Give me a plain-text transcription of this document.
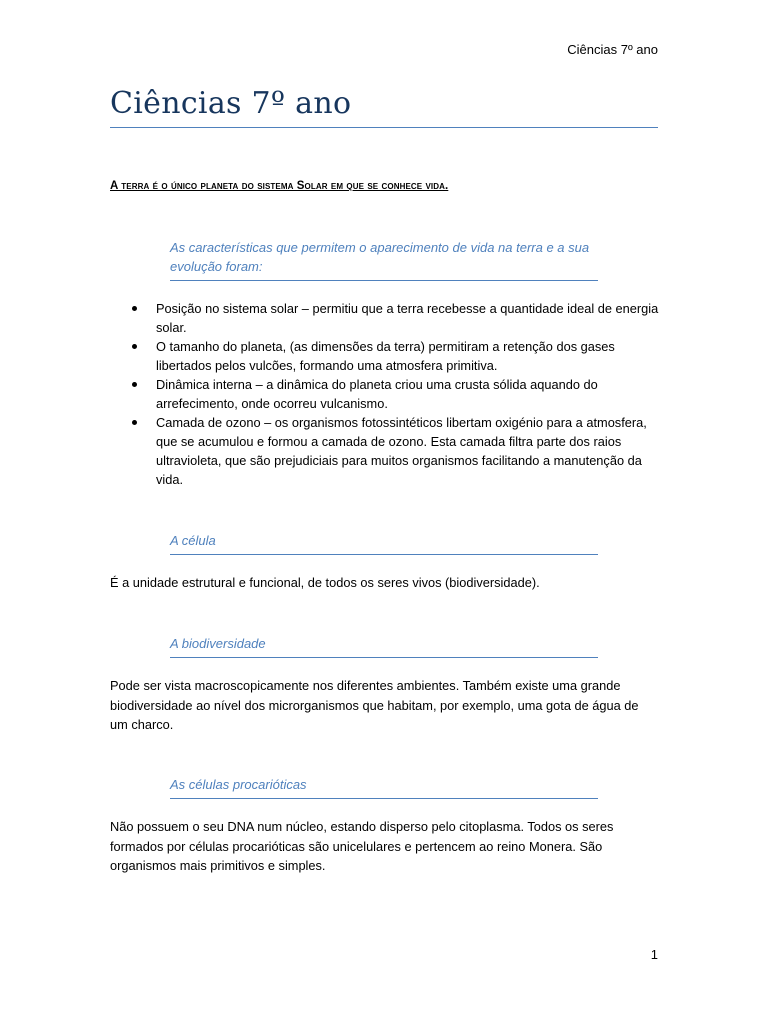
Ciências 7º ano
Ciências 7º ano
A terra é o único planeta do sistema Solar em que se conhece vida.
As características que permitem o aparecimento de vida na terra e a sua evolução foram:
Posição no sistema solar – permitiu que a terra recebesse a quantidade ideal de energia solar.
O tamanho do planeta, (as dimensões da terra) permitiram a retenção dos gases libertados pelos vulcões, formando uma atmosfera primitiva.
Dinâmica interna – a dinâmica do planeta criou uma crusta sólida aquando do arrefecimento, onde ocorreu vulcanismo.
Camada de ozono – os organismos fotossintéticos libertam oxigénio para a atmosfera, que se acumulou e formou a camada de ozono. Esta camada filtra parte dos raios ultravioleta, que são prejudiciais para muitos organismos facilitando a manutenção da vida.
A célula
É a unidade estrutural e funcional, de todos os seres vivos (biodiversidade).
A biodiversidade
Pode ser vista macroscopicamente nos diferentes ambientes. Também existe uma grande biodiversidade ao nível dos microrganismos que habitam, por exemplo, uma gota de água de um charco.
As células procarióticas
Não possuem o seu DNA num núcleo, estando disperso pelo citoplasma. Todos os seres formados por células procarióticas são unicelulares e pertencem ao reino Monera. São organismos mais primitivos e simples.
1
